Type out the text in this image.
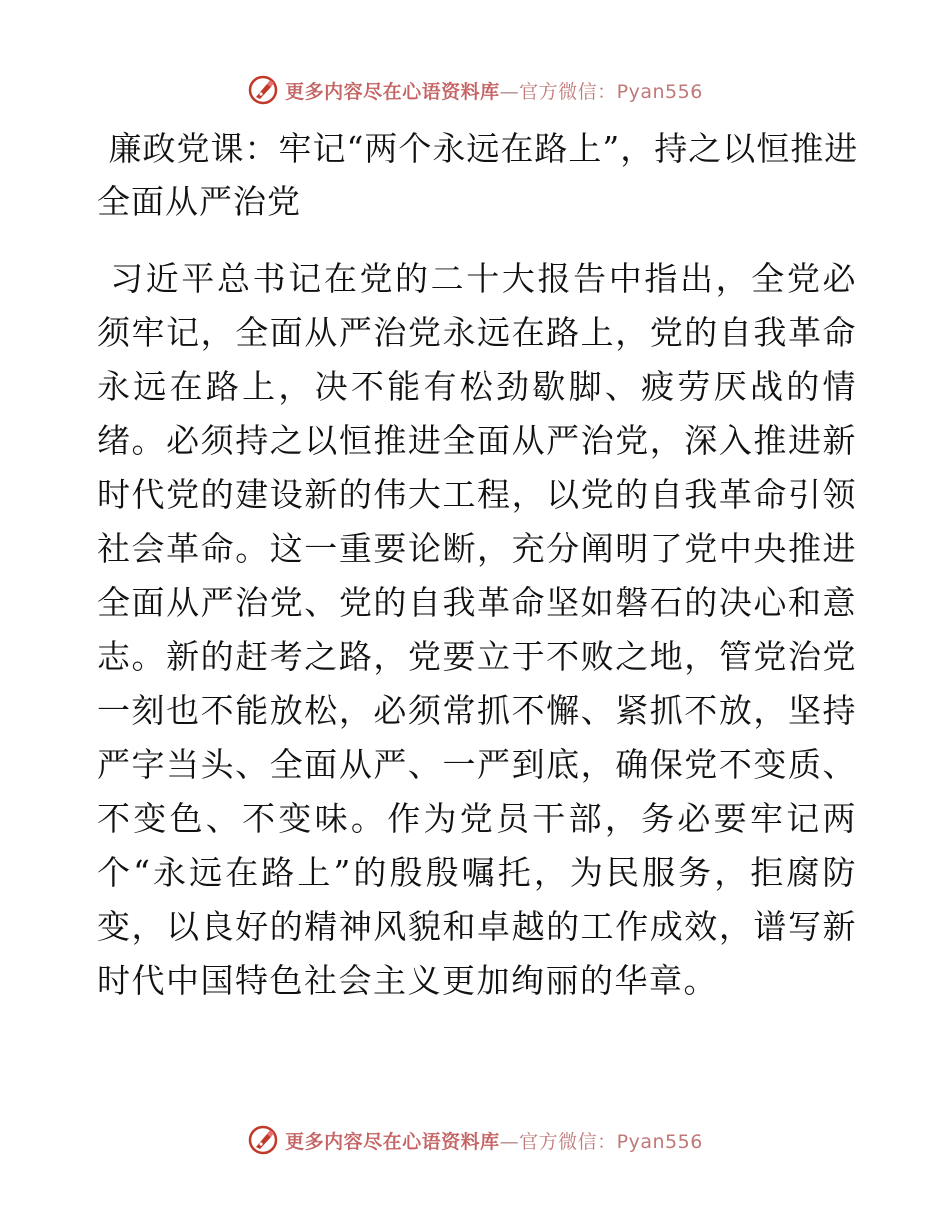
更多内容尽在心语资料库—官方微信：Pyan556
廉政党课：牢记“两个永远在路上”，持之以恒推进全面从严治党

习近平总书记在党的二十大报告中指出，全党必须牢记，全面从严治党永远在路上，党的自我革命永远在路上，决不能有松劲歇脚、疲劳厌战的情绪。必须持之以恒推进全面从严治党，深入推进新时代党的建设新的伟大工程，以党的自我革命引领社会革命。这一重要论断，充分阐明了党中央推进全面从严治党、党的自我革命坚如磐石的决心和意志。新的赶考之路，党要立于不败之地，管党治党一刻也不能放松，必须常抓不懈、紧抓不放，坚持严字当头、全面从严、一严到底，确保党不变质、不变色、不变味。作为党员干部，务必要牢记两个“永远在路上”的殷殷嘱托，为民服务，拒腐防变，以良好的精神风貌和卓越的工作成效，谱写新时代中国特色社会主义更加绚丽的华章。

更多内容尽在心语资料库—官方微信：Pyan556
